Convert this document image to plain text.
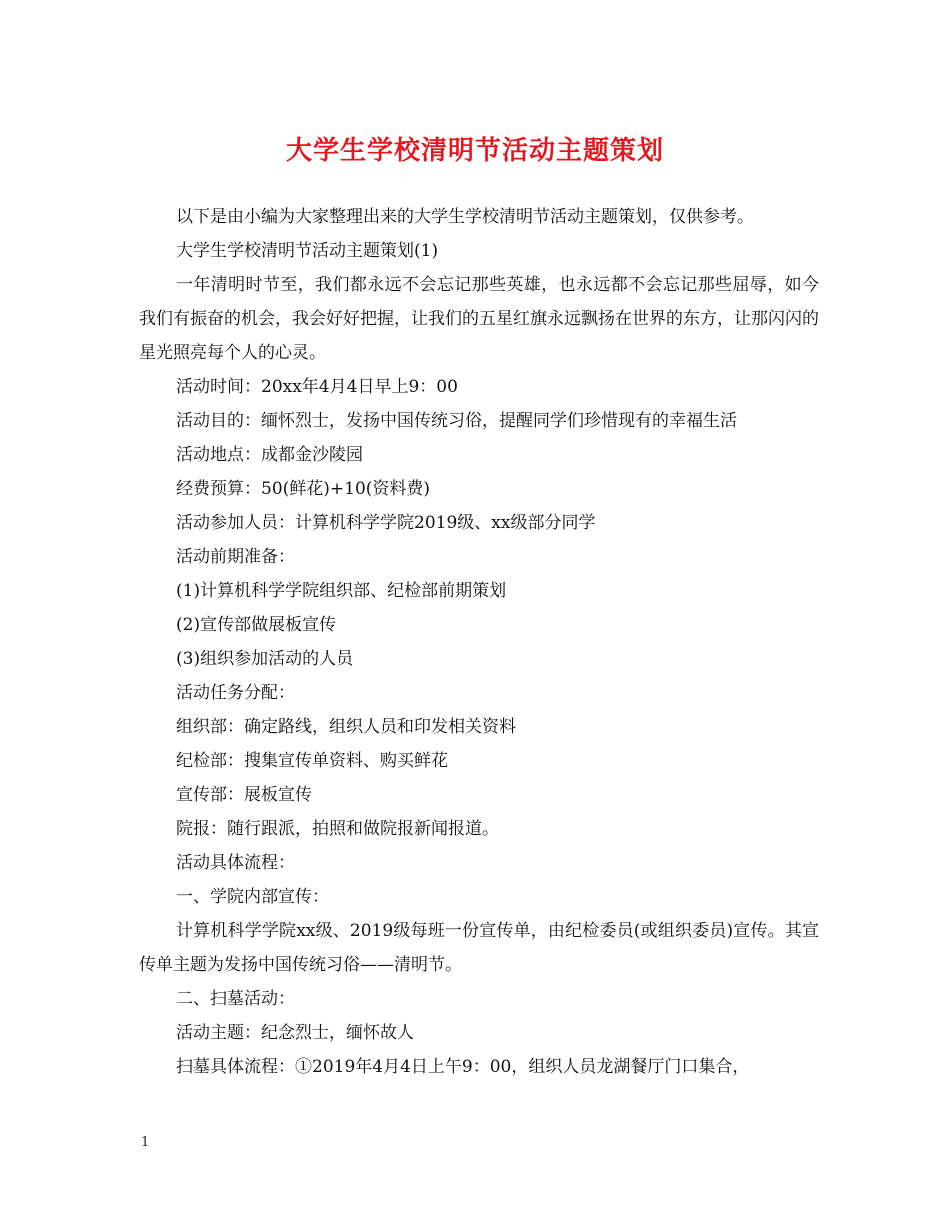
大学生学校清明节活动主题策划

以下是由小编为大家整理出来的大学生学校清明节活动主题策划，仅供参考。

大学生学校清明节活动主题策划(1)

一年清明时节至，我们都永远不会忘记那些英雄，也永远都不会忘记那些屈辱，如今我们有振奋的机会，我会好好把握，让我们的五星红旗永远飘扬在世界的东方，让那闪闪的星光照亮每个人的心灵。

活动时间：20xx年4月4日早上9：00

活动目的：缅怀烈士，发扬中国传统习俗，提醒同学们珍惜现有的幸福生活

活动地点：成都金沙陵园

经费预算：50(鲜花)+10(资料费)

活动参加人员：计算机科学学院2019级、xx级部分同学

活动前期准备：

(1)计算机科学学院组织部、纪检部前期策划

(2)宣传部做展板宣传

(3)组织参加活动的人员

活动任务分配：

组织部：确定路线，组织人员和印发相关资料

纪检部：搜集宣传单资料、购买鲜花

宣传部：展板宣传

院报：随行跟派，拍照和做院报新闻报道。

活动具体流程：

一、学院内部宣传：

计算机科学学院xx级、2019级每班一份宣传单，由纪检委员(或组织委员)宣传。其宣传单主题为发扬中国传统习俗——清明节。

二、扫墓活动：

活动主题：纪念烈士，缅怀故人

扫墓具体流程：①2019年4月4日上午9：00，组织人员龙湖餐厅门口集合，

1
